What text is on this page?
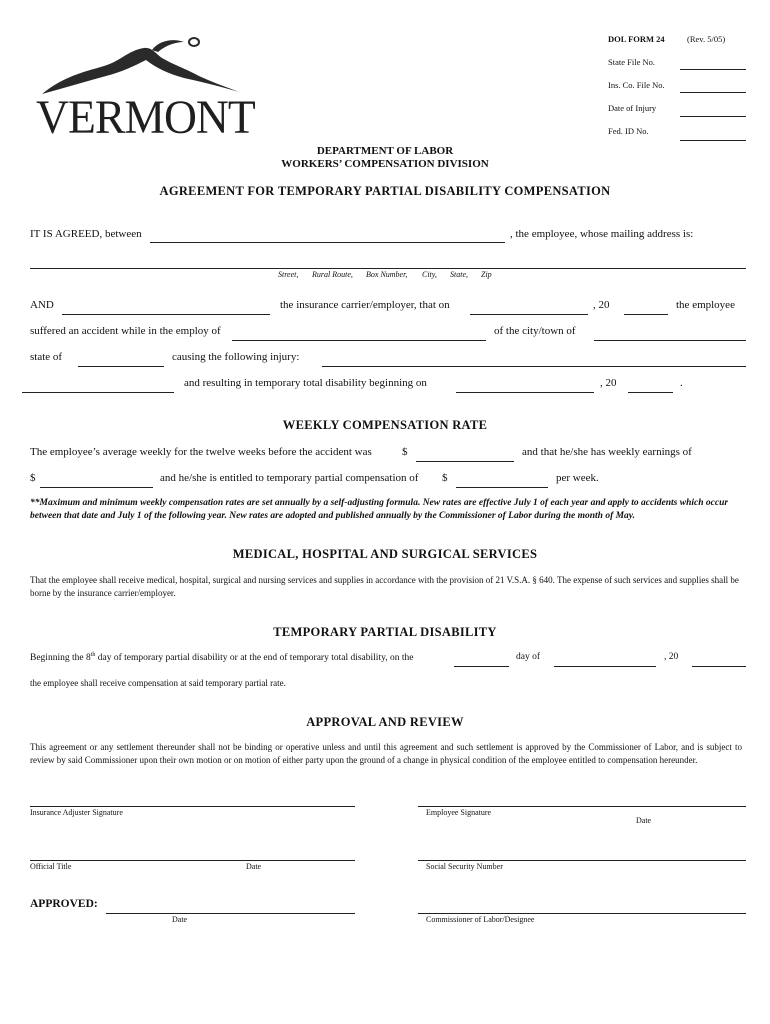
VERMONT
DOL FORM 24	(Rev. 5/05)
State File No.
Ins. Co. File No.
Date of Injury
Fed. ID No.
DEPARTMENT OF LABOR
WORKERS’ COMPENSATION DIVISION
AGREEMENT FOR TEMPORARY PARTIAL DISABILITY COMPENSATION
IT IS AGREED, between	, the employee, whose mailing address is:
Street, Rural Route, Box Number, City, State, Zip
AND	the insurance carrier/employer, that on	, 20	the employee
suffered an accident while in the employ of	of the city/town of
state of	causing the following injury:
and resulting in temporary total disability beginning on	, 20	.
WEEKLY COMPENSATION RATE
The employee’s average weekly for the twelve weeks before the accident was	$	and that he/she has weekly earnings of
$	and he/she is entitled to temporary partial compensation of $	per week.
**Maximum and minimum weekly compensation rates are set annually by a self-adjusting formula. New rates are effective July 1 of each year and apply to accidents which occur between that date and July 1 of the following year. New rates are adopted and published annually by the Commissioner of Labor during the month of May.
MEDICAL, HOSPITAL AND SURGICAL SERVICES
That the employee shall receive medical, hospital, surgical and nursing services and supplies in accordance with the provision of 21 V.S.A. § 640. The expense of such services and supplies shall be borne by the insurance carrier/employer.
TEMPORARY PARTIAL DISABILITY
Beginning the 8th day of temporary partial disability or at the end of temporary total disability, on the	day of	, 20
the employee shall receive compensation at said temporary partial rate.
APPROVAL AND REVIEW
This agreement or any settlement thereunder shall not be binding or operative unless and until this agreement and such settlement is approved by the Commissioner of Labor, and is subject to review by said Commissioner upon their own motion or on motion of either party upon the ground of a change in physical condition of the employee entitled to compensation hereunder.
Insurance Adjuster Signature	Employee Signature
Date
Official Title	Date	Social Security Number
APPROVED:
Date	Commissioner of Labor/Designee
